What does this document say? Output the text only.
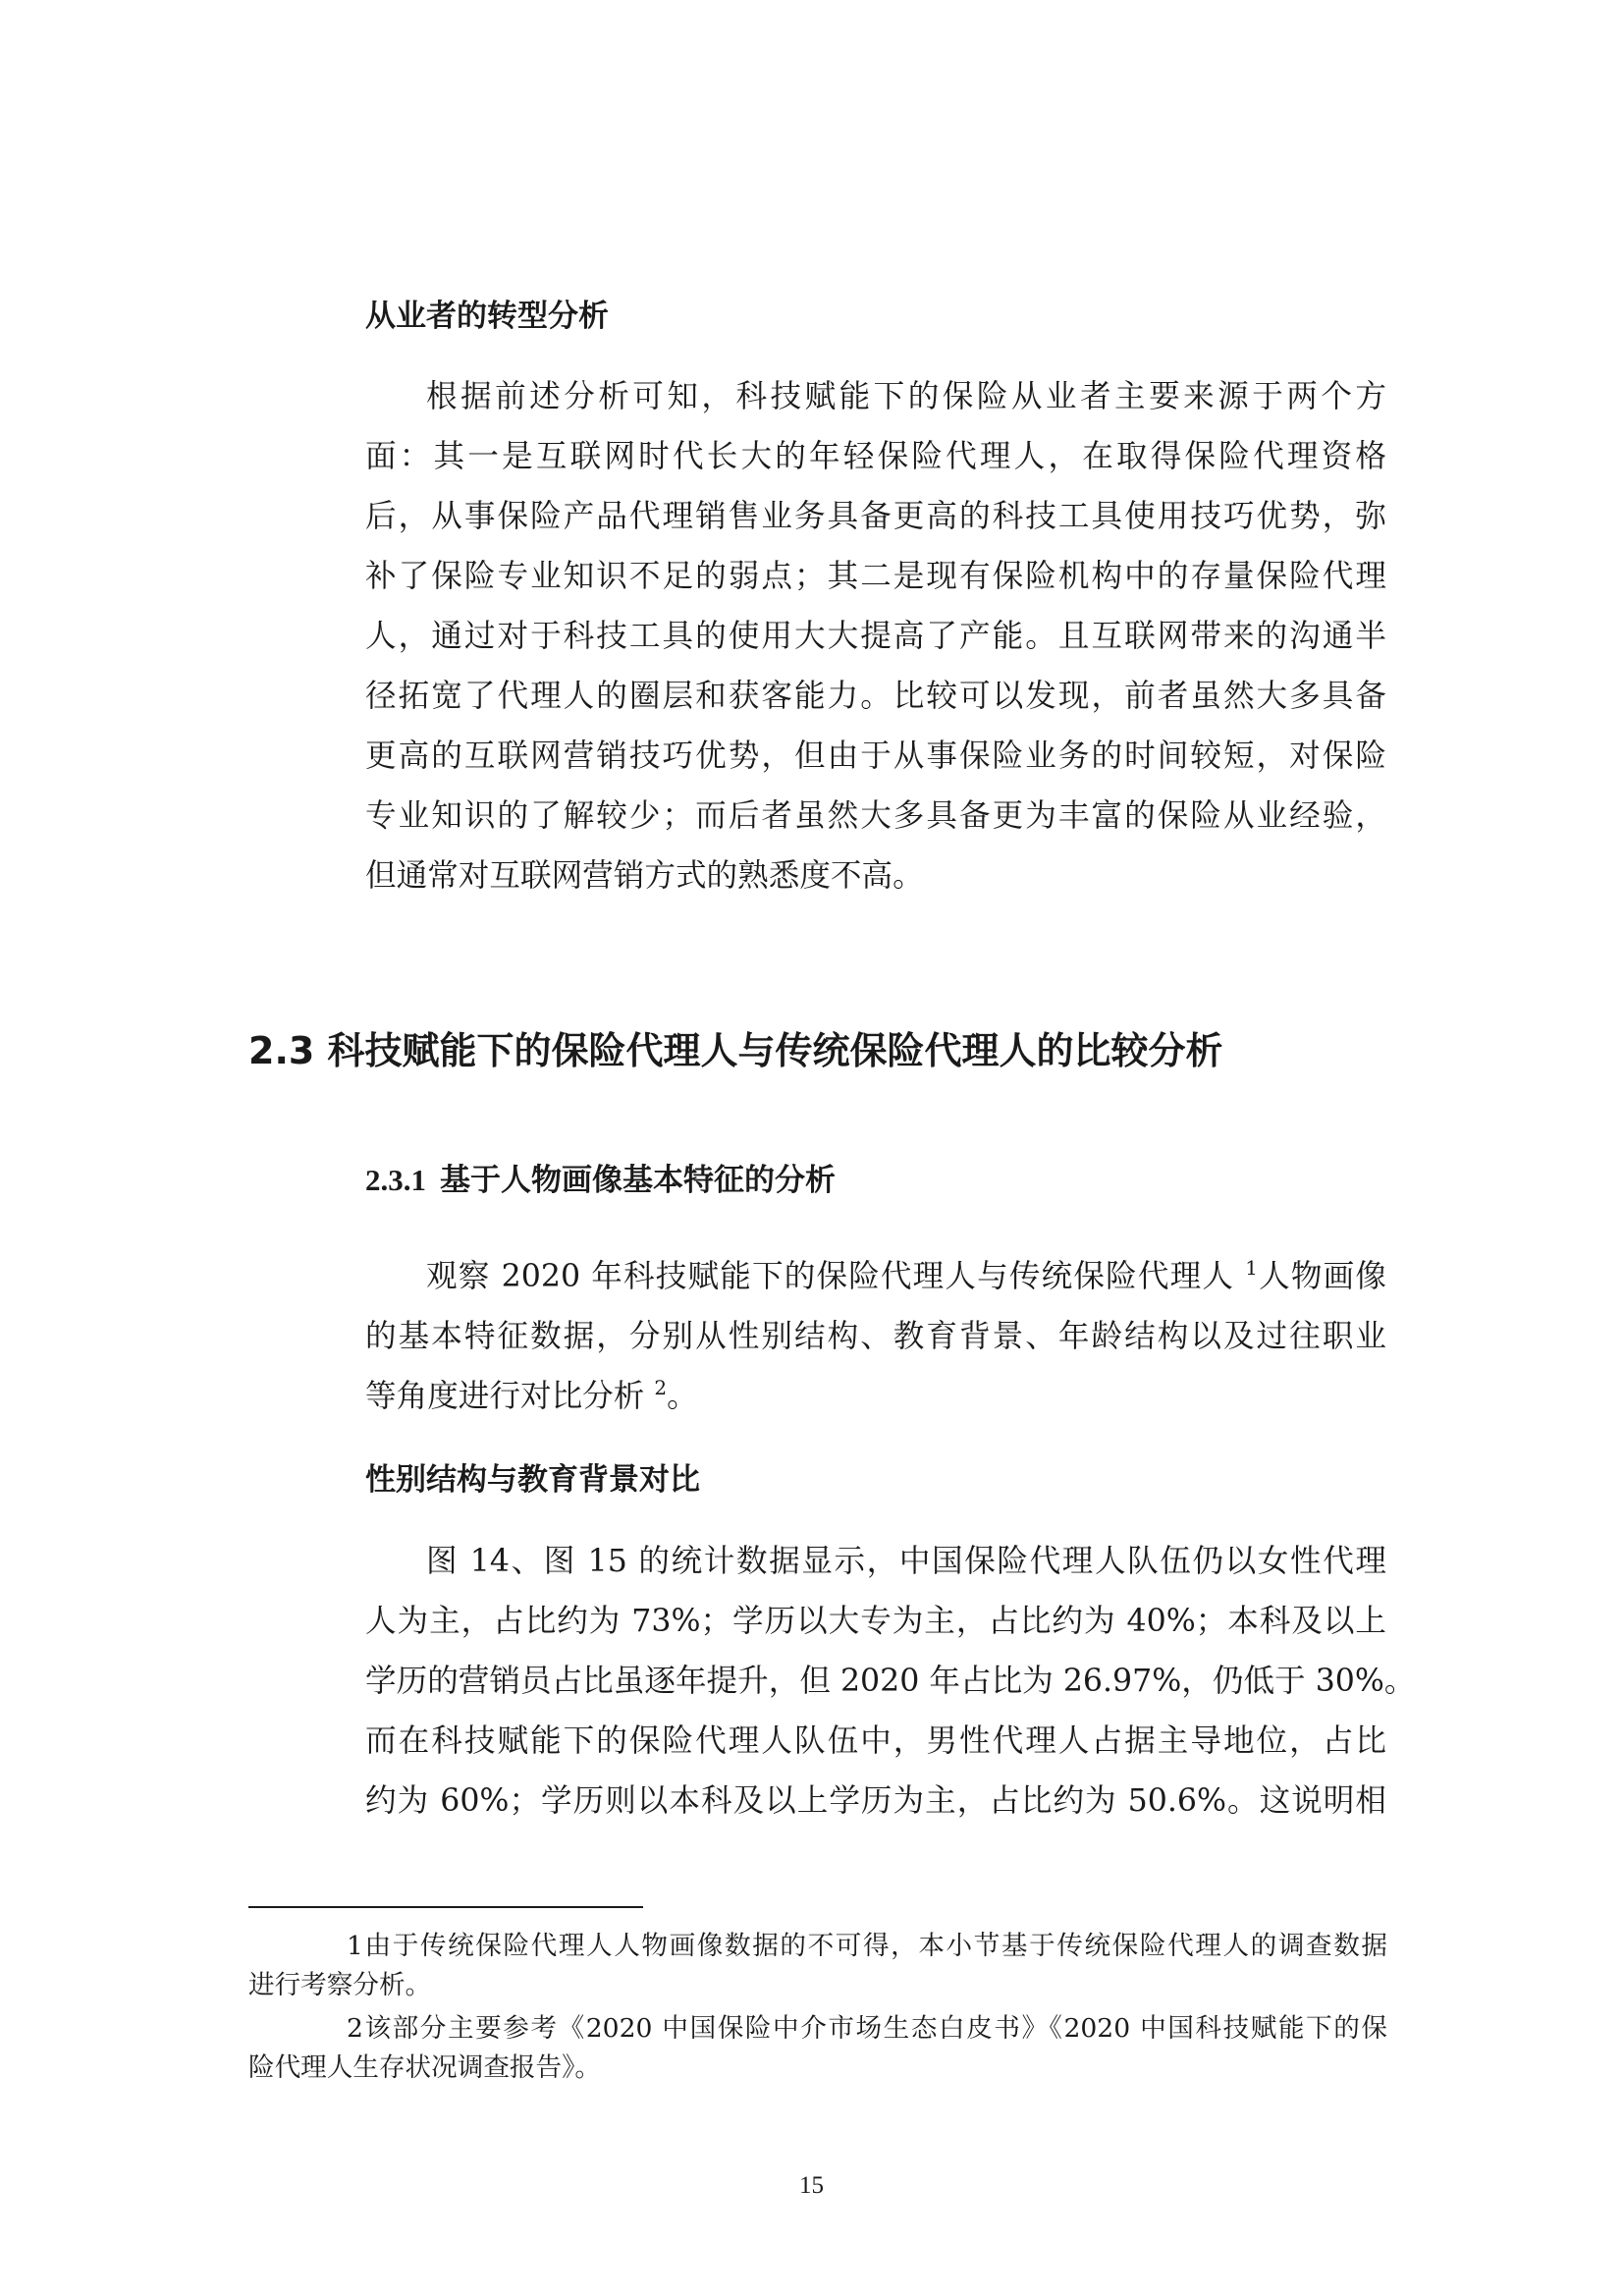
从业者的转型分析
根据前述分析可知，科技赋能下的保险从业者主要来源于两个方
面：其一是互联网时代长大的年轻保险代理人，在取得保险代理资格
后，从事保险产品代理销售业务具备更高的科技工具使用技巧优势，弥
补了保险专业知识不足的弱点；其二是现有保险机构中的存量保险代理
人，通过对于科技工具的使用大大提高了产能。且互联网带来的沟通半
径拓宽了代理人的圈层和获客能力。比较可以发现，前者虽然大多具备
更高的互联网营销技巧优势，但由于从事保险业务的时间较短，对保险
专业知识的了解较少；而后者虽然大多具备更为丰富的保险从业经验，
但通常对互联网营销方式的熟悉度不高。
2.3 科技赋能下的保险代理人与传统保险代理人的比较分析
2.3.1 基于人物画像基本特征的分析
观察 2020 年科技赋能下的保险代理人与传统保险代理人 $^1$人物画像
的基本特征数据，分别从性别结构、教育背景、年龄结构以及过往职业
等角度进行对比分析 $^2$。
性别结构与教育背景对比
图 14、图 15 的统计数据显示，中国保险代理人队伍仍以女性代理
人为主，占比约为 73%；学历以大专为主，占比约为 40%；本科及以上
学历的营销员占比虽逐年提升，但 2020 年占比为 26.97%，仍低于 30%。
而在科技赋能下的保险代理人队伍中，男性代理人占据主导地位，占比
约为 60%；学历则以本科及以上学历为主，占比约为 50.6%。这说明相
1由于传统保险代理人人物画像数据的不可得，本小节基于传统保险代理人的调查数据
进行考察分析。
2该部分主要参考《2020 中国保险中介市场生态白皮书》《2020 中国科技赋能下的保
险代理人生存状况调查报告》。
15
